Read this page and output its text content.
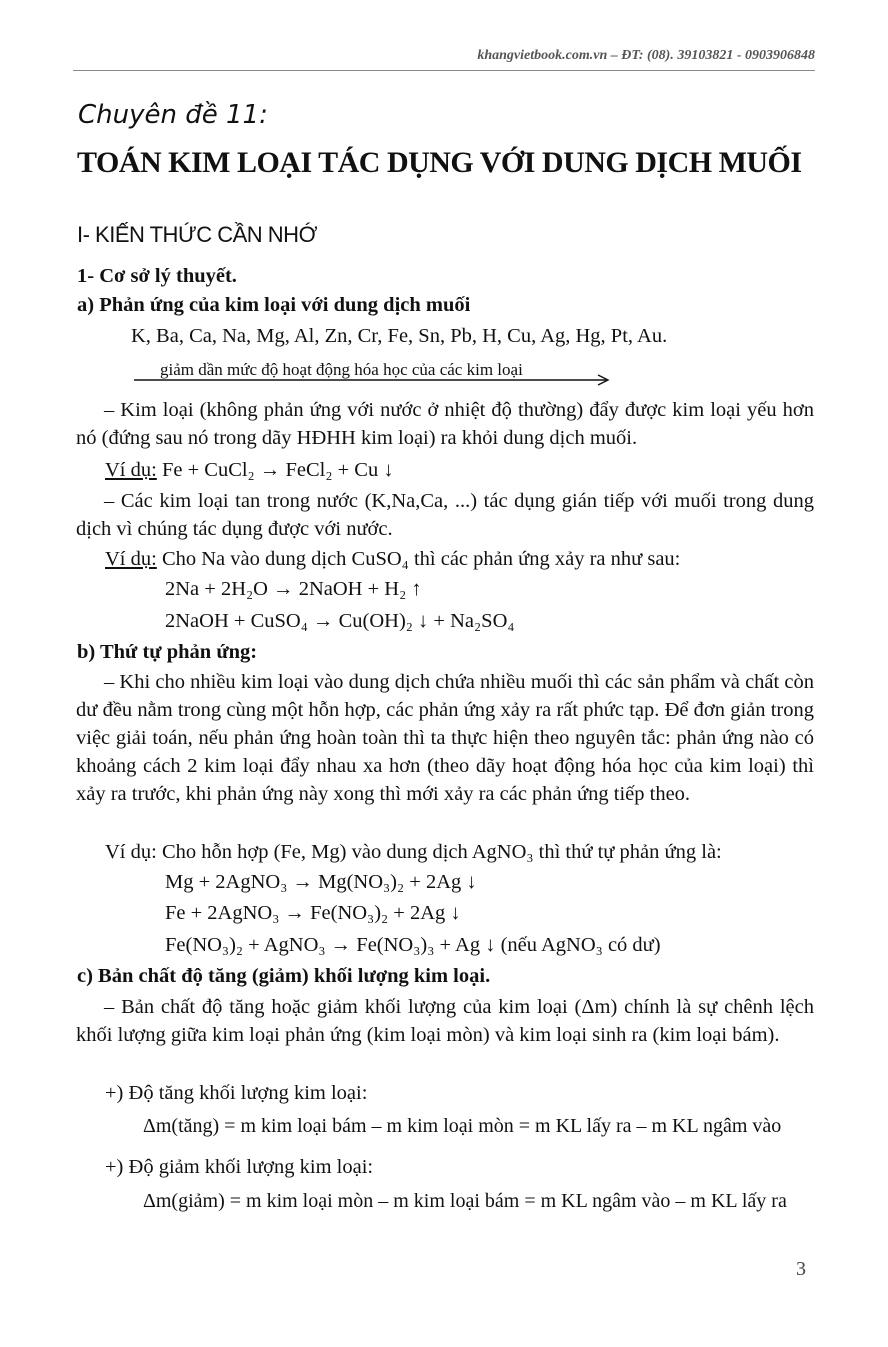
khangvietbook.com.vn – ĐT: (08). 39103821 - 0903906848
Chuyên đề 11:
TOÁN KIM LOẠI TÁC DỤNG VỚI DUNG DỊCH MUỐI
I- KIẾN THỨC CẦN NHỚ
1- Cơ sở lý thuyết.
a) Phản ứng của kim loại với dung dịch muối
K, Ba, Ca, Na, Mg, Al, Zn, Cr, Fe, Sn, Pb, H, Cu, Ag, Hg, Pt, Au.
giảm dần mức độ hoạt động hóa học của các kim loại
– Kim loại (không phản ứng với nước ở nhiệt độ thường) đẩy được kim loại yếu hơn nó (đứng sau nó trong dãy HĐHH kim loại) ra khỏi dung dịch muối.
Ví dụ: Fe + CuCl₂ → FeCl₂ + Cu ↓
– Các kim loại tan trong nước (K,Na,Ca, ...) tác dụng gián tiếp với muối trong dung dịch vì chúng tác dụng được với nước.
Ví dụ: Cho Na vào dung dịch CuSO₄ thì các phản ứng xảy ra như sau:
2Na + 2H₂O → 2NaOH + H₂ ↑
2NaOH + CuSO₄ → Cu(OH)₂ ↓ + Na₂SO₄
b) Thứ tự phản ứng:
– Khi cho nhiều kim loại vào dung dịch chứa nhiều muối thì các sản phẩm và chất còn dư đều nằm trong cùng một hỗn hợp, các phản ứng xảy ra rất phức tạp. Để đơn giản trong việc giải toán, nếu phản ứng hoàn toàn thì ta thực hiện theo nguyên tắc: phản ứng nào có khoảng cách 2 kim loại đẩy nhau xa hơn (theo dãy hoạt động hóa học của kim loại) thì xảy ra trước, khi phản ứng này xong thì mới xảy ra các phản ứng tiếp theo.
Ví dụ: Cho hỗn hợp (Fe, Mg) vào dung dịch AgNO₃ thì thứ tự phản ứng là:
Mg + 2AgNO₃ → Mg(NO₃)₂ + 2Ag ↓
Fe + 2AgNO₃ → Fe(NO₃)₂ + 2Ag ↓
Fe(NO₃)₂ + AgNO₃ → Fe(NO₃)₃ + Ag ↓ (nếu AgNO₃ có dư)
c) Bản chất độ tăng (giảm) khối lượng kim loại.
– Bản chất độ tăng hoặc giảm khối lượng của kim loại (Δm) chính là sự chênh lệch khối lượng giữa kim loại phản ứng (kim loại mòn) và kim loại sinh ra (kim loại bám).
+) Độ tăng khối lượng kim loại:
Δm(tăng) = m kim loại bám – m kim loại mòn = m KL lấy ra – m KL ngâm vào
+) Độ giảm khối lượng kim loại:
Δm(giảm) = m kim loại mòn – m kim loại bám = m KL ngâm vào – m KL lấy ra
3
